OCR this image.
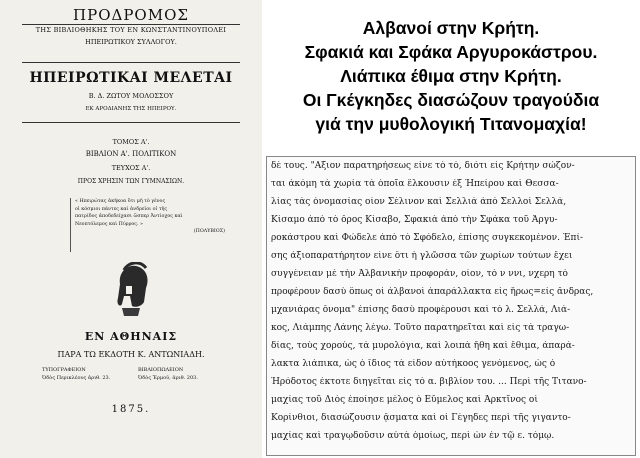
ΠΡΟΔΡΟΜΟΣ
ΤΗΣ ΒΙΒΛΙΟΘΗΚΗΣ ΤΟΥ ΕΝ ΚΩΝΣΤΑΝΤΙΝΟΥΠΟΛΕΙ
ΗΠΕΙΡΩΤΙΚΟΥ ΣΥΛΛΟΓΟΥ.
ΗΠΕΙΡΩΤΙΚΑΙ ΜΕΛΕΤΑΙ
Β. Δ. ΖΩΤΟΥ ΜΟΛΟΣΣΟΥ
ΕΚ ΑΡΟΔΙΑΝΗΣ ΤΗΣ ΗΠΕΙΡΟΥ.
ΤΟΜΟΣ Α'.
ΒΙΒΛΙΟΝ Α'. ΠΟΛΙΤΙΚΟΝ
ΤΕΥΧΟΣ Α'.
ΠΡΟΣ ΧΡΗΣΙΝ ΤΩΝ ΓΥΜΝΑΣΙΩΝ.
« Ηπειρώτας ἀκήκοα ὅτι μὴ τὸ γένος
οἱ κόσμιοι πάντες καὶ ἀνδρεῖοι οἱ τῆς
πατρίδος ἀποδεδείχασι ὥσπερ Ἀντίοχος καὶ
Νεοπτόλεμος καὶ Πύρρος. »
(ΠΟΛΥΒΙΟΣ)
ΕΝ ΑΘΗΝΑΙΣ
ΠΑΡΑ ΤΩ ΕΚΔΟΤΗ Κ. ΑΝΤΩΝΙΑΔΗ.
ΤΥΠΟΓΡΑΦΕΙΟΝ
Ὁδὸς Περικλέους ἀριθ. 23.
ΒΙΒΛΙΟΠΩΛΕΙΟΝ
Ὁδὸς Ἑρμοῦ, ἀριθ. 203.
1875.
Αλβανοί στην Κρήτη.
Σφακιά και Σφάκα Αργυροκάστρου.
Λιάπικα έθιμα στην Κρήτη.
Οι Γκέγκηδες διασώζουν τραγούδια
γιά την μυθολογική Τιτανομαχία!
δέ τους. "Αξιον παρατηρήσεως είνε τὸ τὸ, διότι εἰς Κρήτην σώζον-
ται ἀκόμη τὰ χωρία τὰ ὁποῖα ἕλκουσιν ἐξ Ἠπείρου καὶ Θεσσα-
λίας τὰς ὀνομασίας οἷον Σέλινον καὶ Σελλιὰ ἀπὸ Σελλοὶ Σελλά,
Κίσαμο ἀπὸ τὸ ὄρος Κίσαβο, Σφακιὰ ἀπὸ τὴν Σφάκα τοῦ Ἀργυ-
ροκάστρου καὶ Φώδελε ἀπὸ τὸ Σφόδελο, ἐπίσης συγκεκομένον. Ἐπί-
σης ἀξιοπαρατήρητον εἶνε ὅτι ἡ γλῶσσα τῶν χωρίων τούτων ἔχει
συγγένειαν μὲ τὴν Ἀλβανικὴν προφοράν, οἷον, τὸ ν ννι, νχερη τὸ
προφέρουν δασὺ ὅπως οἱ ἀλβανοὶ ἀπαράλλακτα εἰς ἥρως=εἰς ἄνδρας,
μχανιάρας ὄνομα" ἐπίσης δασὺ προφέρουσι καὶ τὸ λ. Σελλά, Λιά-
κος, Λιάμπης Λάνης λέγω. Τοῦτο παρατηρεῖται καὶ εἰς τὰ τραγω-
δίας, τοὺς χορούς, τὰ μυρολόγια, καὶ λοιπὰ ἤθη καὶ ἔθιμα, ἀπαρά-
λακτα λιάπικα, ὡς ὁ ἴδιος τὰ εἶδον αὐτήκοος γενόμενος, ὡς ὁ
Ἡρόδοτος ἐκτοτε διηγεῖται εἰς τὸ α. βιβλίον του. ... Περὶ τῆς Τιτανο-
μαχίας τοῦ Διὸς ἐποίησε μέλος ὁ Εὔμελος καὶ Ἀρκτῖνος οἱ
Κορίνθιοι, διασώζουσιν ᾄσματα καὶ οἱ Γέγηδες περὶ τῆς γιγαντο-
μαχίας καὶ τραγῳδοῦσιν αὐτὰ ὁμοίως, περὶ ὧν ἐν τῷ ε. τόμῳ.
